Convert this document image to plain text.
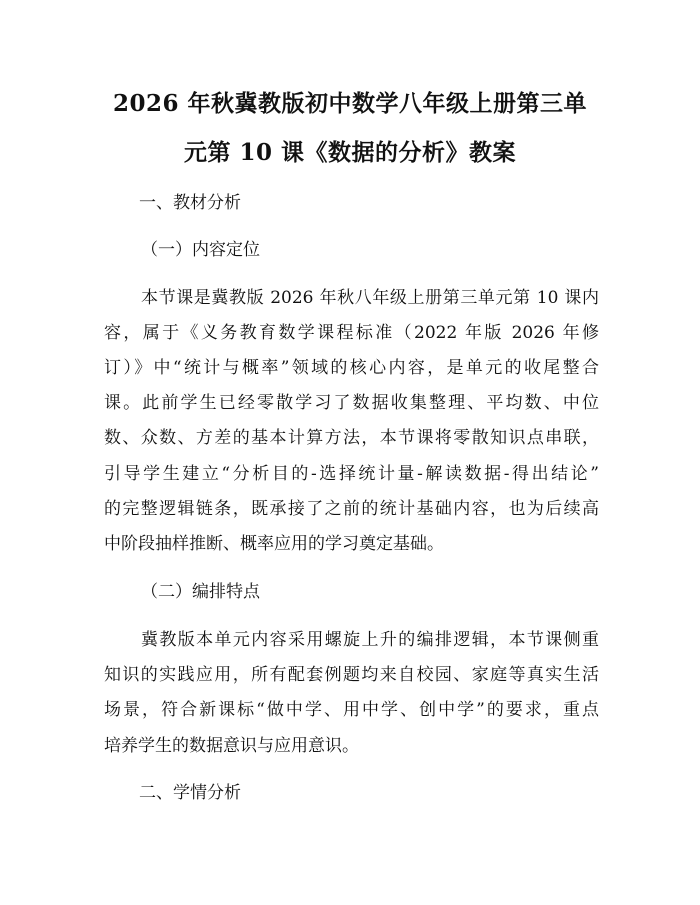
2026 年秋冀教版初中数学八年级上册第三单
元第 10 课《数据的分析》教案

一、教材分析

（一）内容定位

本节课是冀教版 2026 年秋八年级上册第三单元第 10 课内

容，属于《义务教育数学课程标准（2022 年版 2026 年修

订）》中“统计与概率”领域的核心内容，是单元的收尾整合

课。此前学生已经零散学习了数据收集整理、平均数、中位

数、众数、方差的基本计算方法，本节课将零散知识点串联，

引导学生建立“分析目的-选择统计量-解读数据-得出结论”

的完整逻辑链条，既承接了之前的统计基础内容，也为后续高

中阶段抽样推断、概率应用的学习奠定基础。

（二）编排特点

冀教版本单元内容采用螺旋上升的编排逻辑，本节课侧重

知识的实践应用，所有配套例题均来自校园、家庭等真实生活

场景，符合新课标“做中学、用中学、创中学”的要求，重点

培养学生的数据意识与应用意识。

二、学情分析
